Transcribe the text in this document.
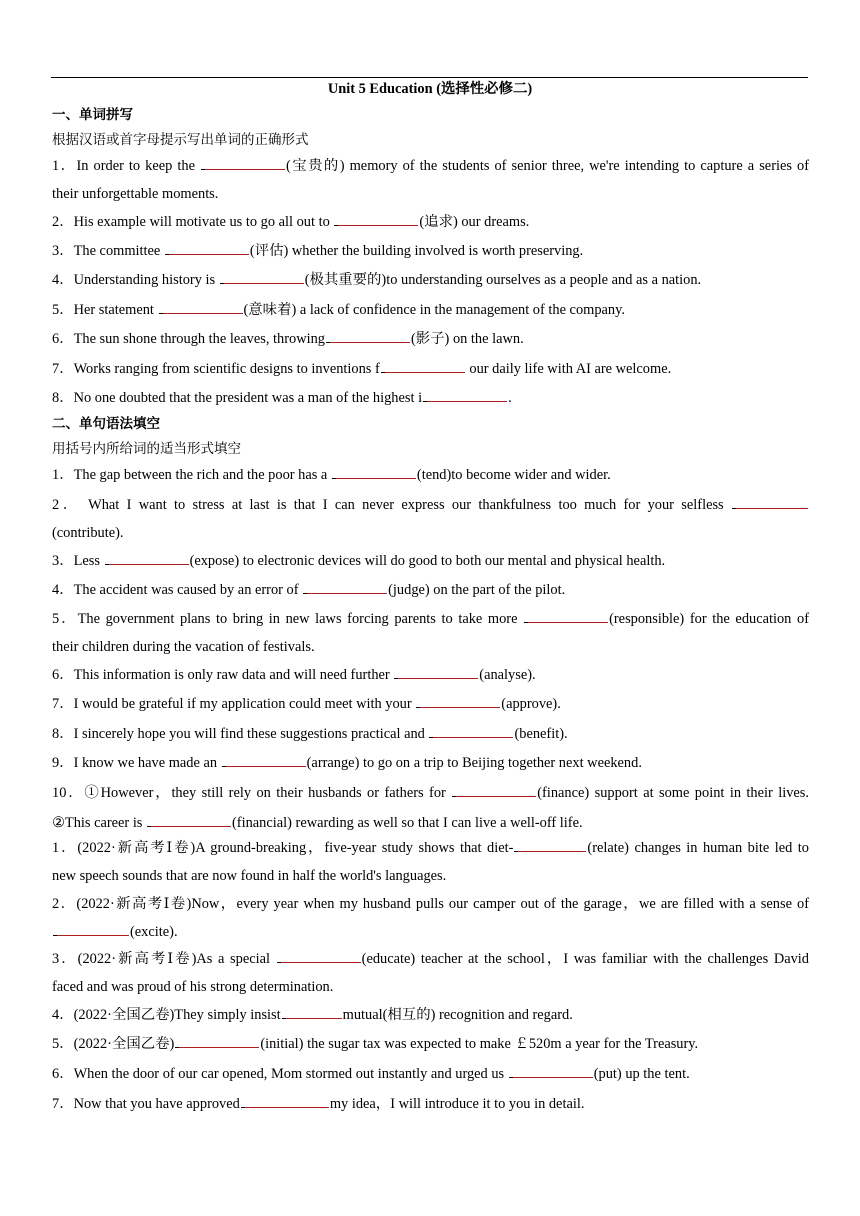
Unit 5 Education (选择性必修二)
一、单词拼写
根据汉语或首字母提示写出单词的正确形式
1．In order to keep the	(宝贵的) memory of the students of senior three, we're intending to capture a series of
their unforgettable moments.
2．His example will motivate us to go all out to	(追求) our dreams.
3．The committee	(评估) whether the building involved is worth preserving.
4．Understanding history is	(极其重要的)to understanding ourselves as a people and as a nation.
5．Her statement	(意味着) a lack of confidence in the management of the company.
6．The sun shone through the leaves, throwing	(影子) on the lawn.
7．Works ranging from scientific designs to inventions f	our daily life with AI are welcome.
8．No one doubted that the president was a man of the highest i	.
二、单句语法填空
用括号内所给词的适当形式填空
1．The gap between the rich and the poor has a	(tend)to become wider and wider.
2． What I want to stress at last is that I can never express our thankfulness too much for your selfless
(contribute).
3．Less	(expose) to electronic devices will do good to both our mental and physical health.
4．The accident was caused by an error of	(judge) on the part of the pilot.
5．The government plans to bring in new laws forcing parents to take more	(responsible) for the education of
their children during the vacation of festivals.
6．This information is only raw data and will need further	(analyse).
7．I would be grateful if my application could meet with your	(approve).
8．I sincerely hope you will find these suggestions practical and	(benefit).
9．I know we have made an	(arrange) to go on a trip to Beijing together next weekend.
10．①However，they still rely on their husbands or fathers for	(finance) support at some point in their lives.
②This career is	(financial) rewarding as well so that I can live a well-off life.
1．(2022·新高考Ⅰ卷)A ground-breaking，five-year study shows that diet-	(relate) changes in human bite led to
new speech sounds that are now found in half the world's languages.
2．(2022·新高考Ⅰ卷)Now，every year when my husband pulls our camper out of the garage，we are filled with a sense of
(excite).
3．(2022·新高考Ⅰ卷)As a special	(educate) teacher at the school，I was familiar with the challenges David
faced and was proud of his strong determination.
4．(2022·全国乙卷)They simply insist	mutual(相互的) recognition and regard.
5．(2022·全国乙卷)	(initial) the sugar tax was expected to make ￡520m a year for the Treasury.
6．When the door of our car opened, Mom stormed out instantly and urged us	(put) up the tent.
7．Now that you have approved	my idea，I will introduce it to you in detail.
